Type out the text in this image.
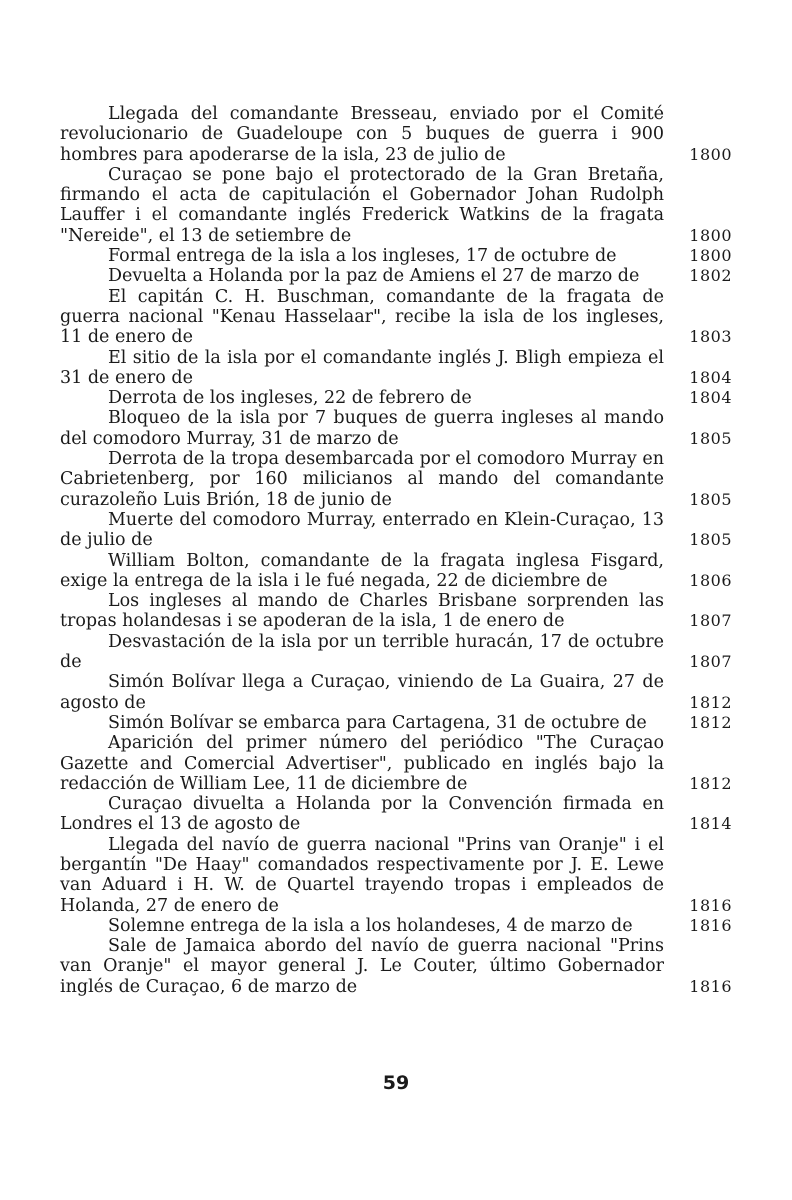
Llegada del comandante Bresseau, enviado por el Comité revolucionario de Guadeloupe con 5 buques de guerra i 900 hombres para apoderarse de la isla, 23 de julio de	1800
Curaçao se pone bajo el protectorado de la Gran Bretaña, firmando el acta de capitulación el Gobernador Johan Rudolph Lauffer i el comandante inglés Frederick Watkins de la fragata "Nereide", el 13 de setiembre de	1800
Formal entrega de la isla a los ingleses, 17 de octubre de	1800
Devuelta a Holanda por la paz de Amiens el 27 de marzo de	1802
El capitán C. H. Buschman, comandante de la fragata de guerra nacional "Kenau Hasselaar", recibe la isla de los ingleses, 11 de enero de	1803
El sitio de la isla por el comandante inglés J. Bligh empieza el 31 de enero de	1804
Derrota de los ingleses, 22 de febrero de	1804
Bloqueo de la isla por 7 buques de guerra ingleses al mando del comodoro Murray, 31 de marzo de	1805
Derrota de la tropa desembarcada por el comodoro Murray en Cabrietenberg, por 160 milicianos al mando del comandante curazoleño Luis Brión, 18 de junio de	1805
Muerte del comodoro Murray, enterrado en Klein-Curaçao, 13 de julio de	1805
William Bolton, comandante de la fragata inglesa Fisgard, exige la entrega de la isla i le fué negada, 22 de diciembre de	1806
Los ingleses al mando de Charles Brisbane sorprenden las tropas holandesas i se apoderan de la isla, 1 de enero de	1807
Desvastación de la isla por un terrible huracán, 17 de octubre de	1807
Simón Bolívar llega a Curaçao, viniendo de La Guaira, 27 de agosto de	1812
Simón Bolívar se embarca para Cartagena, 31 de octubre de	1812
Aparición del primer número del periódico "The Curaçao Gazette and Comercial Advertiser", publicado en inglés bajo la redacción de William Lee, 11 de diciembre de	1812
Curaçao divuelta a Holanda por la Convención firmada en Londres el 13 de agosto de	1814
Llegada del navío de guerra nacional "Prins van Oranje" i el bergantín "De Haay" comandados respectivamente por J. E. Lewe van Aduard i H. W. de Quartel trayendo tropas i empleados de Holanda, 27 de enero de	1816
Solemne entrega de la isla a los holandeses, 4 de marzo de	1816
Sale de Jamaica abordo del navío de guerra nacional "Prins van Oranje" el mayor general J. Le Couter, último Gobernador inglés de Curaçao, 6 de marzo de	1816
59
